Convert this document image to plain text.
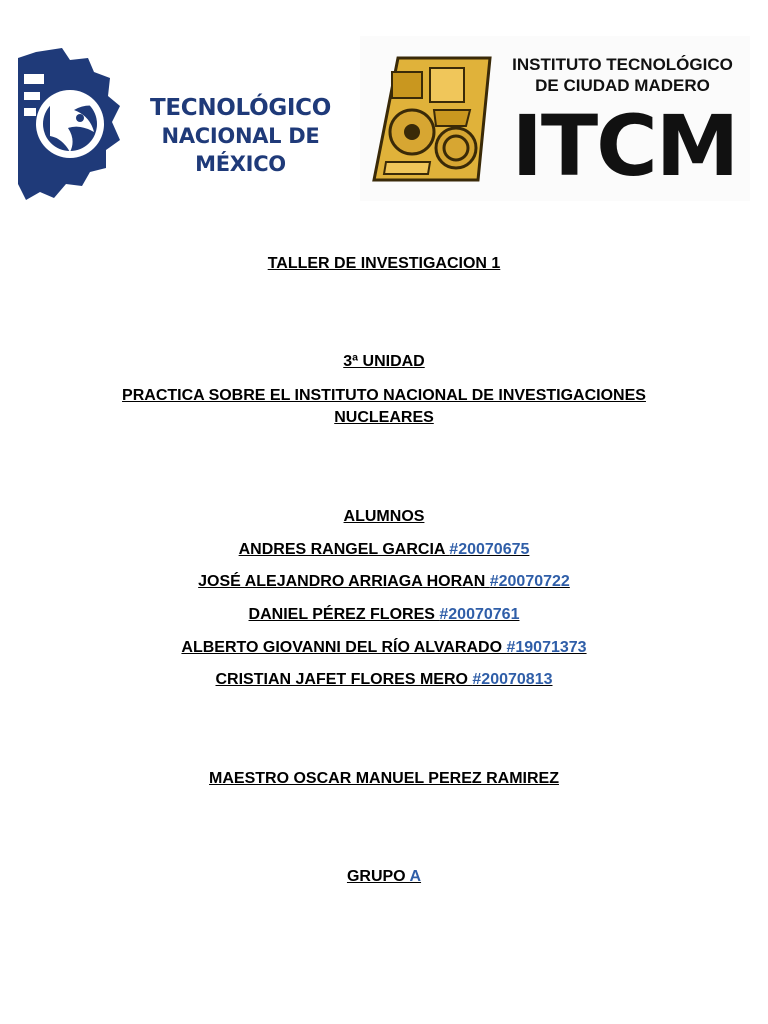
TECNOLÓGICO
NACIONAL DE MÉXICO
INSTITUTO TECNOLÓGICO
DE CIUDAD MADERO
ITCM
TALLER DE INVESTIGACION 1
3ª UNIDAD
PRACTICA SOBRE EL INSTITUTO NACIONAL DE INVESTIGACIONES
NUCLEARES
ALUMNOS
ANDRES RANGEL GARCIA #20070675
JOSÉ ALEJANDRO ARRIAGA HORAN #20070722
DANIEL PÉREZ FLORES #20070761
ALBERTO GIOVANNI DEL RÍO ALVARADO #19071373
CRISTIAN JAFET FLORES MERO #20070813
MAESTRO OSCAR MANUEL PEREZ RAMIREZ
GRUPO A
